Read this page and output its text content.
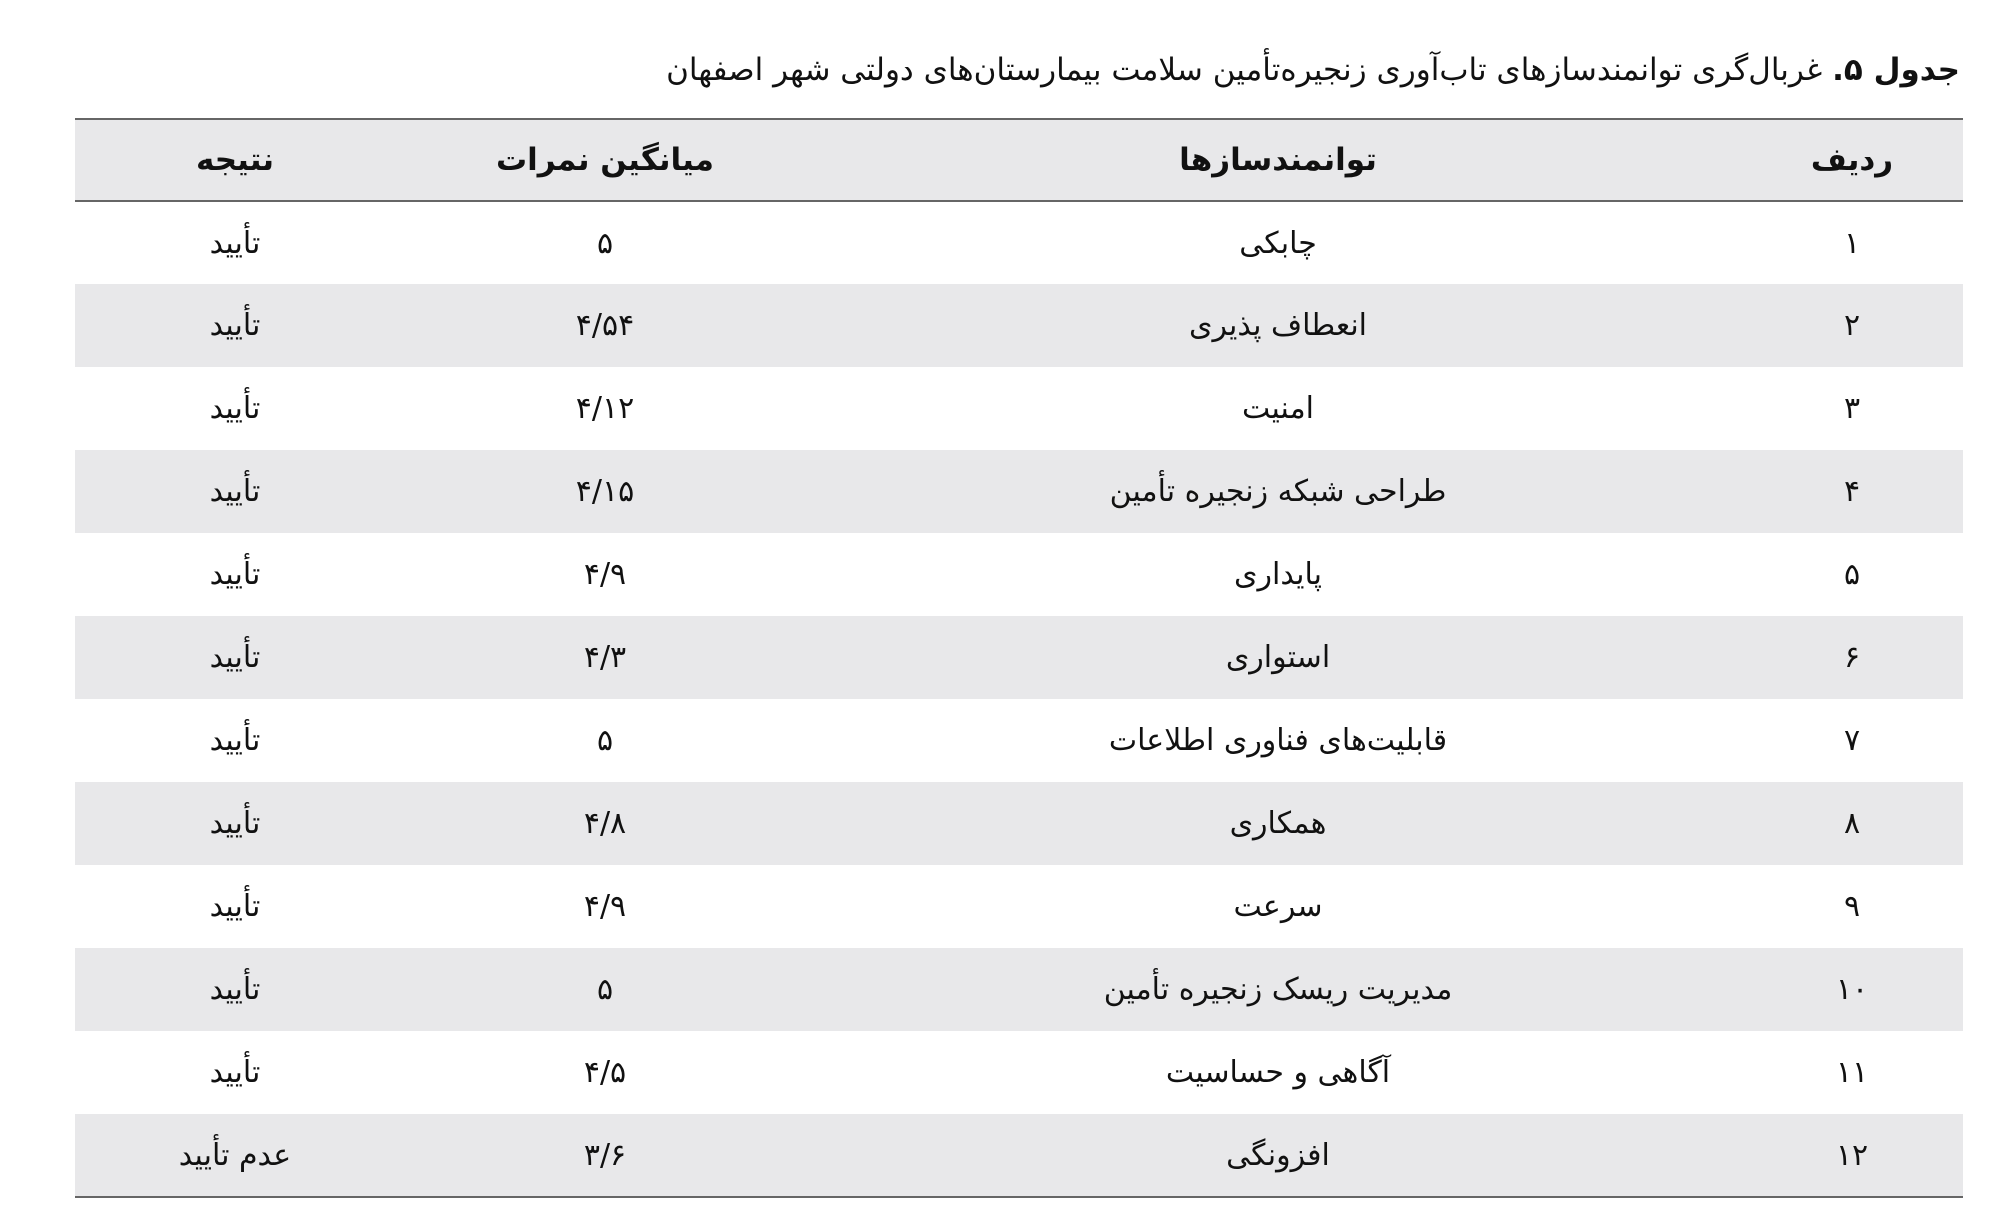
جدول ۵. غربال‌گری توانمندسازهای تاب‌آوری زنجیره‌تأمین سلامت بیمارستان‌های دولتی شهر اصفهان
ردیف	توانمندسازها	میانگین نمرات	نتیجه
۱	چابکی	۵	تأیید
۲	انعطاف پذیری	۴/۵۴	تأیید
۳	امنیت	۴/۱۲	تأیید
۴	طراحی شبکه زنجیره تأمین	۴/۱۵	تأیید
۵	پایداری	۴/۹	تأیید
۶	استواری	۴/۳	تأیید
۷	قابلیت‌های فناوری اطلاعات	۵	تأیید
۸	همکاری	۴/۸	تأیید
۹	سرعت	۴/۹	تأیید
۱۰	مدیریت ریسک زنجیره تأمین	۵	تأیید
۱۱	آگاهی و حساسیت	۴/۵	تأیید
۱۲	افزونگی	۳/۶	عدم تأیید
